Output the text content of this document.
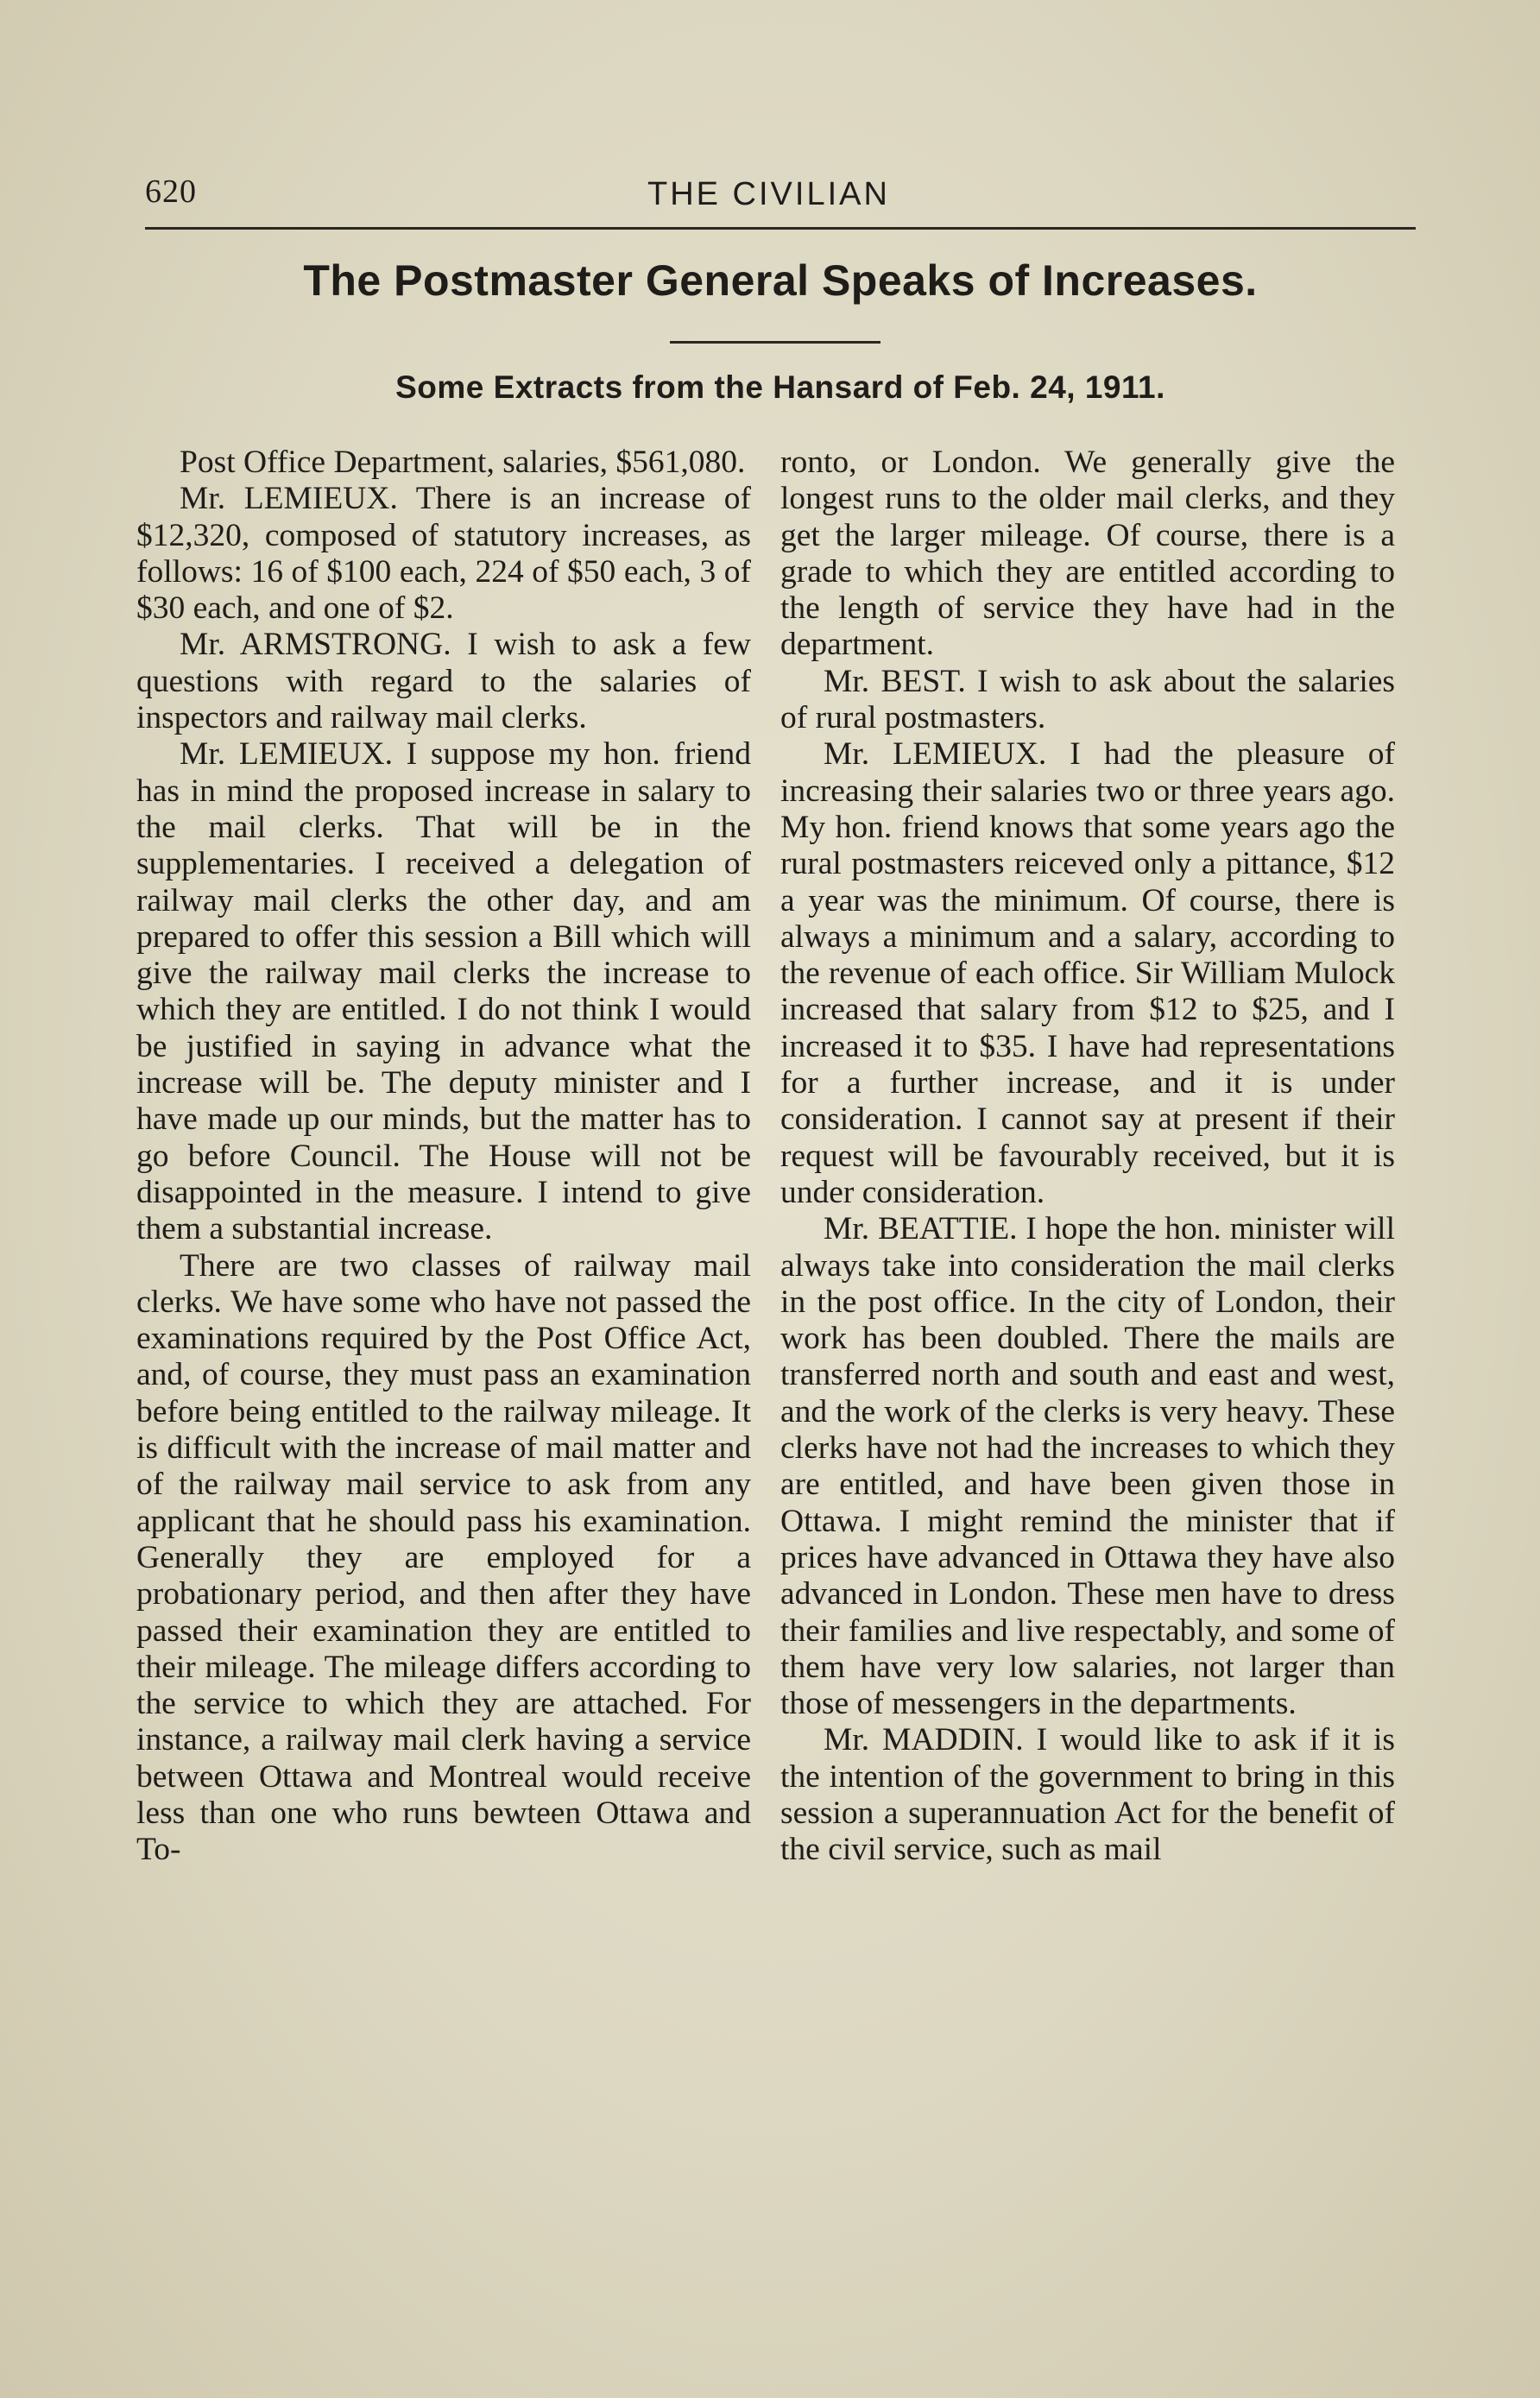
620	THE CIVILIAN
The Postmaster General Speaks of Increases.
Some Extracts from the Hansard of Feb. 24, 1911.

Post Office Department, salaries, $561,080.

Mr. LEMIEUX. There is an increase of $12,320, composed of statutory increases, as follows: 16 of $100 each, 224 of $50 each, 3 of $30 each, and one of $2.

Mr. ARMSTRONG. I wish to ask a few questions with regard to the salaries of inspectors and railway mail clerks.

Mr. LEMIEUX. I suppose my hon. friend has in mind the proposed increase in salary to the mail clerks. That will be in the supplementaries. I received a delegation of railway mail clerks the other day, and am prepared to offer this session a Bill which will give the railway mail clerks the increase to which they are entitled. I do not think I would be justified in saying in advance what the increase will be. The deputy minister and I have made up our minds, but the matter has to go before Council. The House will not be disappointed in the measure. I intend to give them a substantial increase.

There are two classes of railway mail clerks. We have some who have not passed the examinations required by the Post Office Act, and, of course, they must pass an examination before being entitled to the railway mileage. It is difficult with the increase of mail matter and of the railway mail service to ask from any applicant that he should pass his examination. Generally they are employed for a probationary period, and then after they have passed their examination they are entitled to their mileage. The mileage differs according to the service to which they are attached. For instance, a railway mail clerk having a service between Ottawa and Montreal would receive less than one who runs bewteen Ottawa and To-

ronto, or London. We generally give the longest runs to the older mail clerks, and they get the larger mileage. Of course, there is a grade to which they are entitled according to the length of service they have had in the department.

Mr. BEST. I wish to ask about the salaries of rural postmasters.

Mr. LEMIEUX. I had the pleasure of increasing their salaries two or three years ago. My hon. friend knows that some years ago the rural postmasters reiceved only a pittance, $12 a year was the minimum. Of course, there is always a minimum and a salary, according to the revenue of each office. Sir William Mulock increased that salary from $12 to $25, and I increased it to $35. I have had representations for a further increase, and it is under consideration. I cannot say at present if their request will be favourably received, but it is under consideration.

Mr. BEATTIE. I hope the hon. minister will always take into consideration the mail clerks in the post office. In the city of London, their work has been doubled. There the mails are transferred north and south and east and west, and the work of the clerks is very heavy. These clerks have not had the increases to which they are entitled, and have been given those in Ottawa. I might remind the minister that if prices have advanced in Ottawa they have also advanced in London. These men have to dress their families and live respectably, and some of them have very low salaries, not larger than those of messengers in the departments.

Mr. MADDIN. I would like to ask if it is the intention of the government to bring in this session a superannuation Act for the benefit of the civil service, such as mail
